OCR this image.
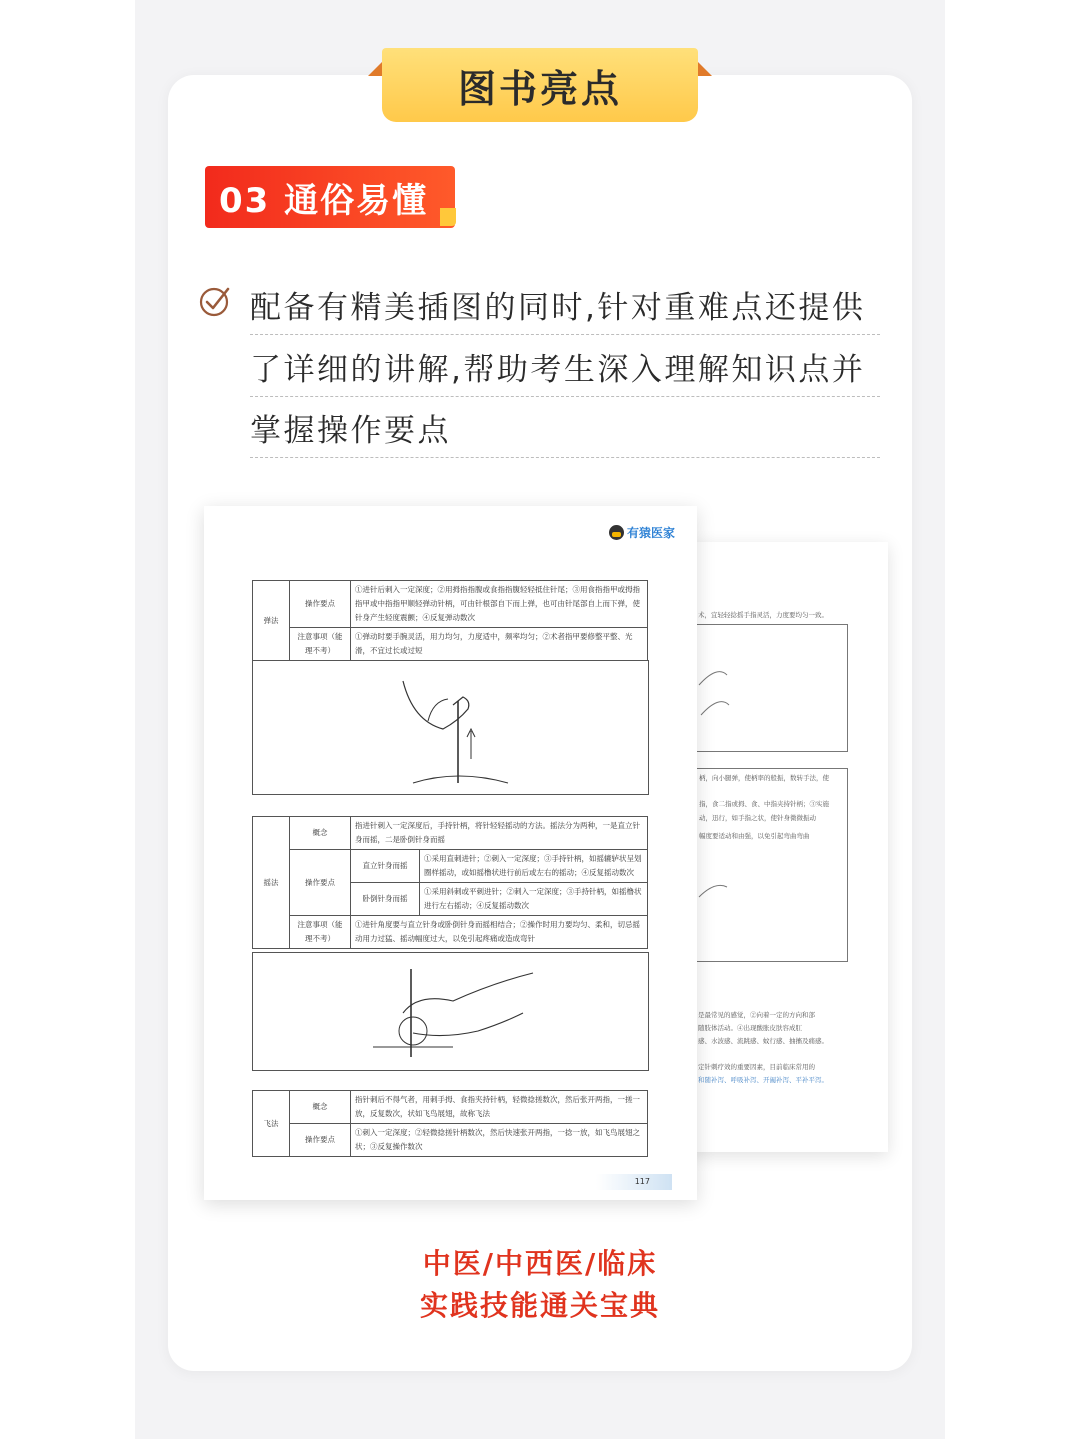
图书亮点
03 通俗易懂
配备有精美插图的同时,针对重难点还提供
了详细的讲解,帮助考生深入理解知识点并
掌握操作要点
术，宜轻轻捻摇手指灵活，力度要均匀一致。
柄，向小腿弹，使柄率的般振，数转手法，使
指，食二指或拇、食、中指夹持针柄；③实施
动，迅行，如手指之状，使针身微微振动
幅度要适动和由强，以免引起弯曲弯曲
是最常见的感觉，②向着一定的方向和部
随肢体活动。④出现酸胀皮肤容成肛
感、水波感、流跳感、蚊行感、抽搐及痛感。
定针刺疗效的重要因素，目前临床常用的
和随补泻、呼吸补泻、开阖补泻、平补平泻。
有猿医家
弹法	操作要点	①进针后刺入一定深度；②用拇指指腹或食指指腹轻轻抵住针尾；③用食指指甲或拇指指甲或中指指甲顺轻弹动针柄，可由针根部自下而上弹，也可由针尾部自上而下弹，使针身产生轻度震颤；④反复弹动数次
	注意事项（能理不考）	①弹动时要手腕灵活，用力均匀，力度适中，频率均匀；②术者指甲要修整平整、光滑，不宜过长或过短
摇法	概念	指进针刺入一定深度后，手持针柄，将针轻轻摇动的方法。摇法分为两种，一是直立针身而摇，二是卧倒针身而摇	
	操作要点	直立针身而摇	①采用直刺进针；②刺入一定深度；③手持针柄，如摇辘轳状呈划圈样摇动，或如摇橹状进行前后或左右的摇动；④反复摇动数次
		卧倒针身而摇	①采用斜刺或平刺进针；②刺入一定深度；③手持针柄，如摇橹状进行左右摇动；④反复摇动数次
	注意事项（能理不考）	①进针角度要与直立针身或卧倒针身而摇相结合；②操作时用力要均匀、柔和，切忌摇动用力过猛、摇动幅度过大，以免引起疼痛或造成弯针	
飞法	概念	指针刺后不得气者，用刺手拇、食指夹持针柄，轻微捻搓数次，然后张开两指，一搓一放，反复数次，状如飞鸟展翅，故称飞法
	操作要点	①刺入一定深度；②轻微捻搓针柄数次，然后快速张开两指，一捻一放，如飞鸟展翅之状；③反复操作数次
117
中医/中西医/临床
实践技能通关宝典
